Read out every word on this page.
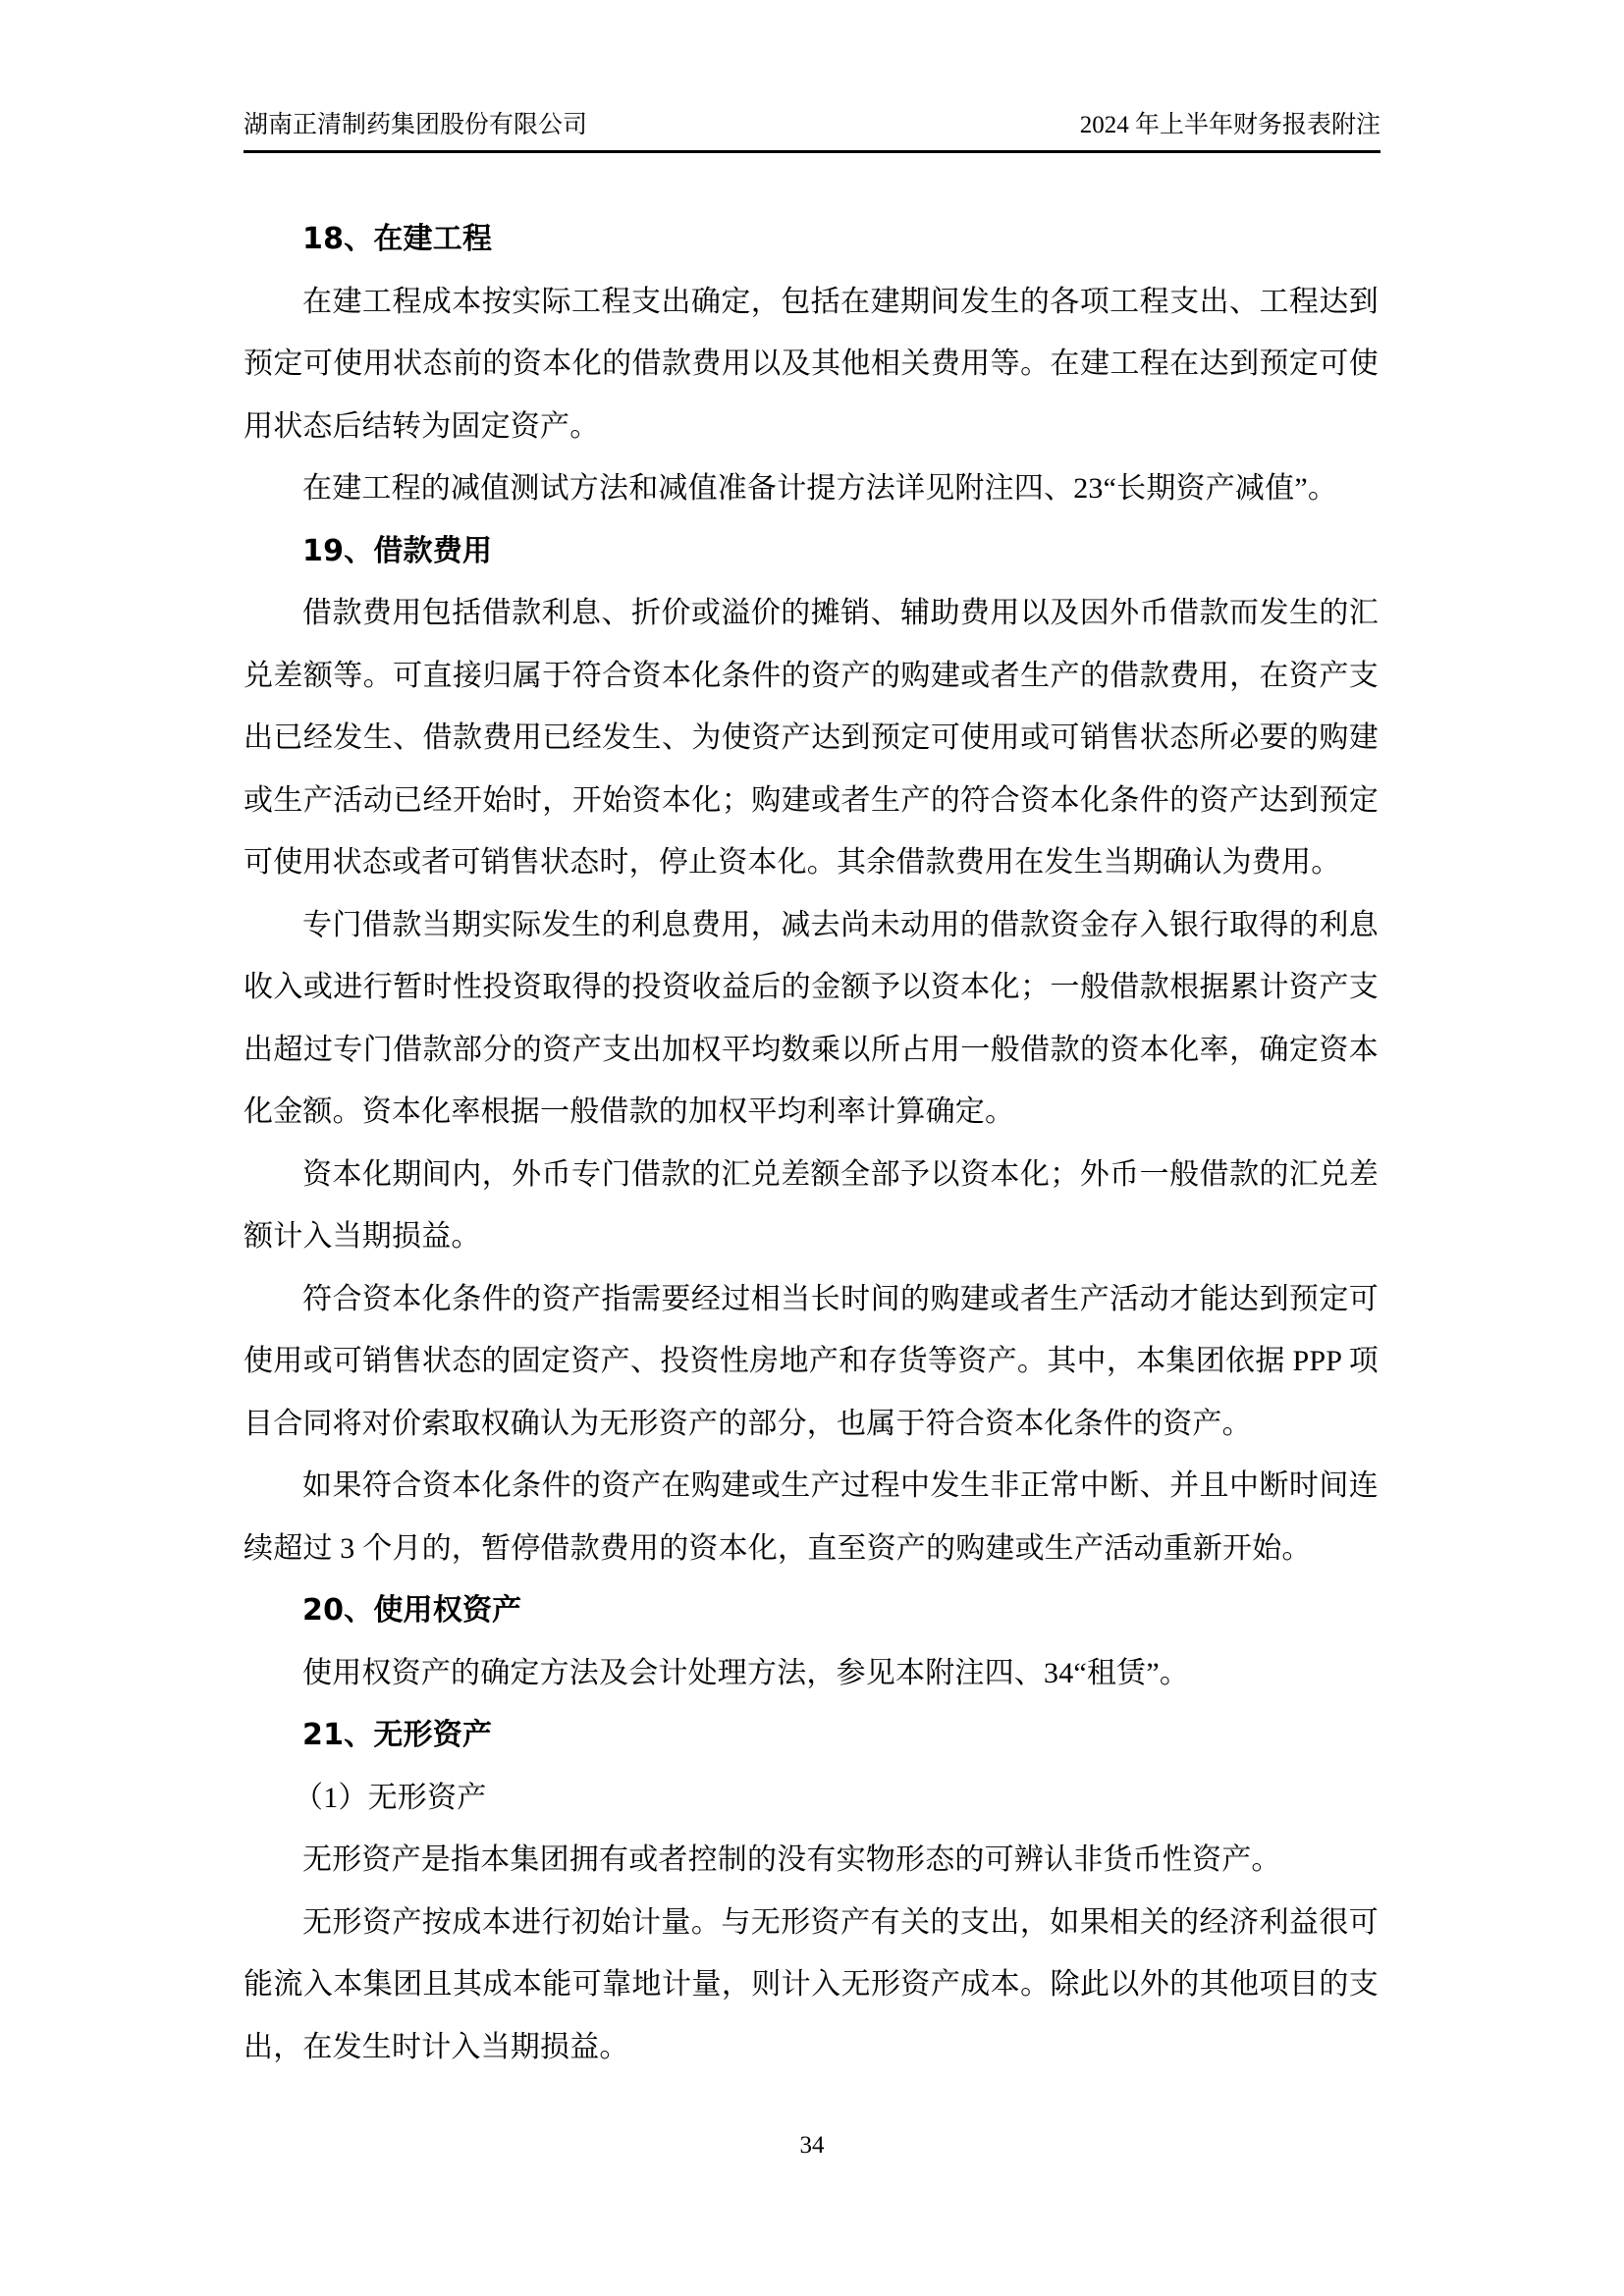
湖南正清制药集团股份有限公司	2024 年上半年财务报表附注

18、在建工程

在建工程成本按实际工程支出确定，包括在建期间发生的各项工程支出、工程达到预定可使用状态前的资本化的借款费用以及其他相关费用等。在建工程在达到预定可使用状态后结转为固定资产。

在建工程的减值测试方法和减值准备计提方法详见附注四、23“长期资产减值”。

19、借款费用

借款费用包括借款利息、折价或溢价的摊销、辅助费用以及因外币借款而发生的汇兑差额等。可直接归属于符合资本化条件的资产的购建或者生产的借款费用，在资产支出已经发生、借款费用已经发生、为使资产达到预定可使用或可销售状态所必要的购建或生产活动已经开始时，开始资本化；购建或者生产的符合资本化条件的资产达到预定可使用状态或者可销售状态时，停止资本化。其余借款费用在发生当期确认为费用。

专门借款当期实际发生的利息费用，减去尚未动用的借款资金存入银行取得的利息收入或进行暂时性投资取得的投资收益后的金额予以资本化；一般借款根据累计资产支出超过专门借款部分的资产支出加权平均数乘以所占用一般借款的资本化率，确定资本化金额。资本化率根据一般借款的加权平均利率计算确定。

资本化期间内，外币专门借款的汇兑差额全部予以资本化；外币一般借款的汇兑差额计入当期损益。

符合资本化条件的资产指需要经过相当长时间的购建或者生产活动才能达到预定可使用或可销售状态的固定资产、投资性房地产和存货等资产。其中，本集团依据 PPP 项目合同将对价索取权确认为无形资产的部分，也属于符合资本化条件的资产。

如果符合资本化条件的资产在购建或生产过程中发生非正常中断、并且中断时间连续超过 3 个月的，暂停借款费用的资本化，直至资产的购建或生产活动重新开始。

20、使用权资产

使用权资产的确定方法及会计处理方法，参见本附注四、34“租赁”。

21、无形资产

（1）无形资产

无形资产是指本集团拥有或者控制的没有实物形态的可辨认非货币性资产。

无形资产按成本进行初始计量。与无形资产有关的支出，如果相关的经济利益很可能流入本集团且其成本能可靠地计量，则计入无形资产成本。除此以外的其他项目的支出，在发生时计入当期损益。

34
